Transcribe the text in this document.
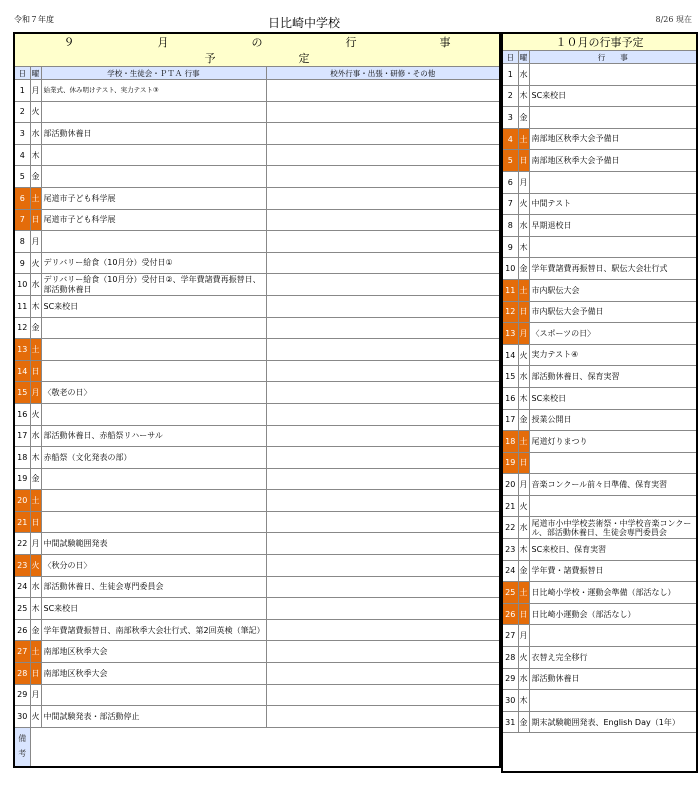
令和７年度	日比崎中学校	8/26 現在
９ 月 の 行 事予 定			
日	曜	学校・生徒会・ＰＴＡ 行事	校外行事・出張・研修・その他
1	月	始業式、休み明けテスト、実力テスト③	
2	火		
3	水	部活動休養日	
4	木		
5	金		
6	土	尾道市子ども科学展	
7	日	尾道市子ども科学展	
8	月		
9	火	デリバリー給食（10月分）受付日①	
10	水	デリバリー給食（10月分）受付日②、学年費諸費再振替日、部活動休養日	
11	木	SC来校日	
12	金		
13	土		
14	日		
15	月	〈敬老の日〉	
16	火		
17	水	部活動休養日、赤船祭リハーサル	
18	木	赤船祭（文化発表の部）	
19	金		
20	土		
21	日		
22	月	中間試験範囲発表	
23	火	〈秋分の日〉	
24	水	部活動休養日、生徒会専門委員会	
25	木	SC来校日	
26	金	学年費諸費振替日、南部秋季大会壮行式、第2回英検（筆記）	
27	土	南部地区秋季大会	
28	日	南部地区秋季大会	
29	月		
30	火	中間試験発表・部活動停止	

備
考			

１０月の行事予定		
日	曜	行　　事
1	水	
2	木	SC来校日
3	金	
4	土	南部地区秋季大会予備日
5	日	南部地区秋季大会予備日
6	月	
7	火	中間テスト
8	水	早期退校日
9	木	
10	金	学年費諸費再振替日、駅伝大会壮行式
11	土	市内駅伝大会
12	日	市内駅伝大会予備日
13	月	〈スポーツの日〉
14	火	実力テスト④
15	水	部活動休養日、保育実習
16	木	SC来校日
17	金	授業公開日
18	土	尾道灯りまつり
19	日	
20	月	音楽コンクール前々日準備、保育実習
21	火	
22	水	尾道市小中学校芸術祭・中学校音楽コンクール、部活動休養日、生徒会専門委員会
23	木	SC来校日、保育実習
24	金	学年費・諸費振替日
25	土	日比崎小学校・運動会準備（部活なし）
26	日	日比崎小運動会（部活なし）
27	月	
28	火	衣替え完全移行
29	水	部活動休養日
30	木	
31	金	期末試験範囲発表、English Day（1年）
